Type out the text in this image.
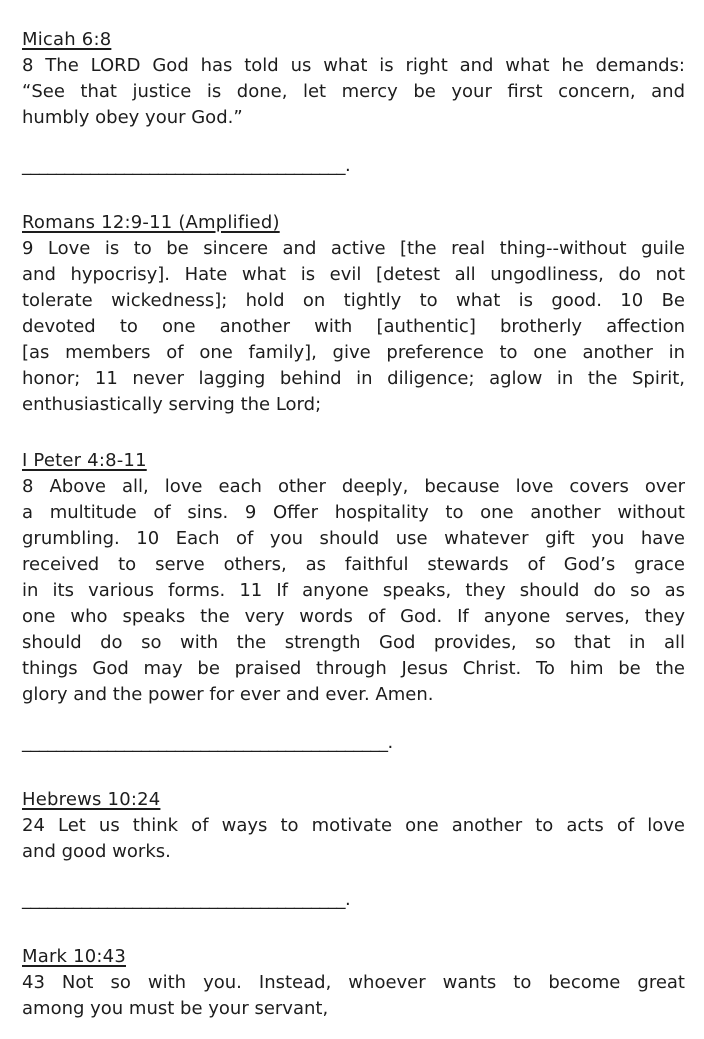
Micah 6:8
8 The LORD God has told us what is right and what he demands:
“See that justice is done, let mercy be your first concern, and
humbly obey your God.”
______________________________________.
Romans 12:9-11 (Amplified)
9 Love is to be sincere and active [the real thing--without guile
and hypocrisy]. Hate what is evil [detest all ungodliness, do not
tolerate wickedness]; hold on tightly to what is good. 10 Be
devoted to one another with [authentic] brotherly affection
[as members of one family], give preference to one another in
honor; 11 never lagging behind in diligence; aglow in the Spirit,
enthusiastically serving the Lord;
I Peter 4:8-11
8 Above all, love each other deeply, because love covers over
a multitude of sins. 9 Offer hospitality to one another without
grumbling. 10 Each of you should use whatever gift you have
received to serve others, as faithful stewards of God’s grace
in its various forms. 11 If anyone speaks, they should do so as
one who speaks the very words of God. If anyone serves, they
should do so with the strength God provides, so that in all
things God may be praised through Jesus Christ. To him be the
glory and the power for ever and ever. Amen.
___________________________________________.
Hebrews 10:24
24 Let us think of ways to motivate one another to acts of love
and good works.
______________________________________.
Mark 10:43
43 Not so with you. Instead, whoever wants to become great
among you must be your servant,
